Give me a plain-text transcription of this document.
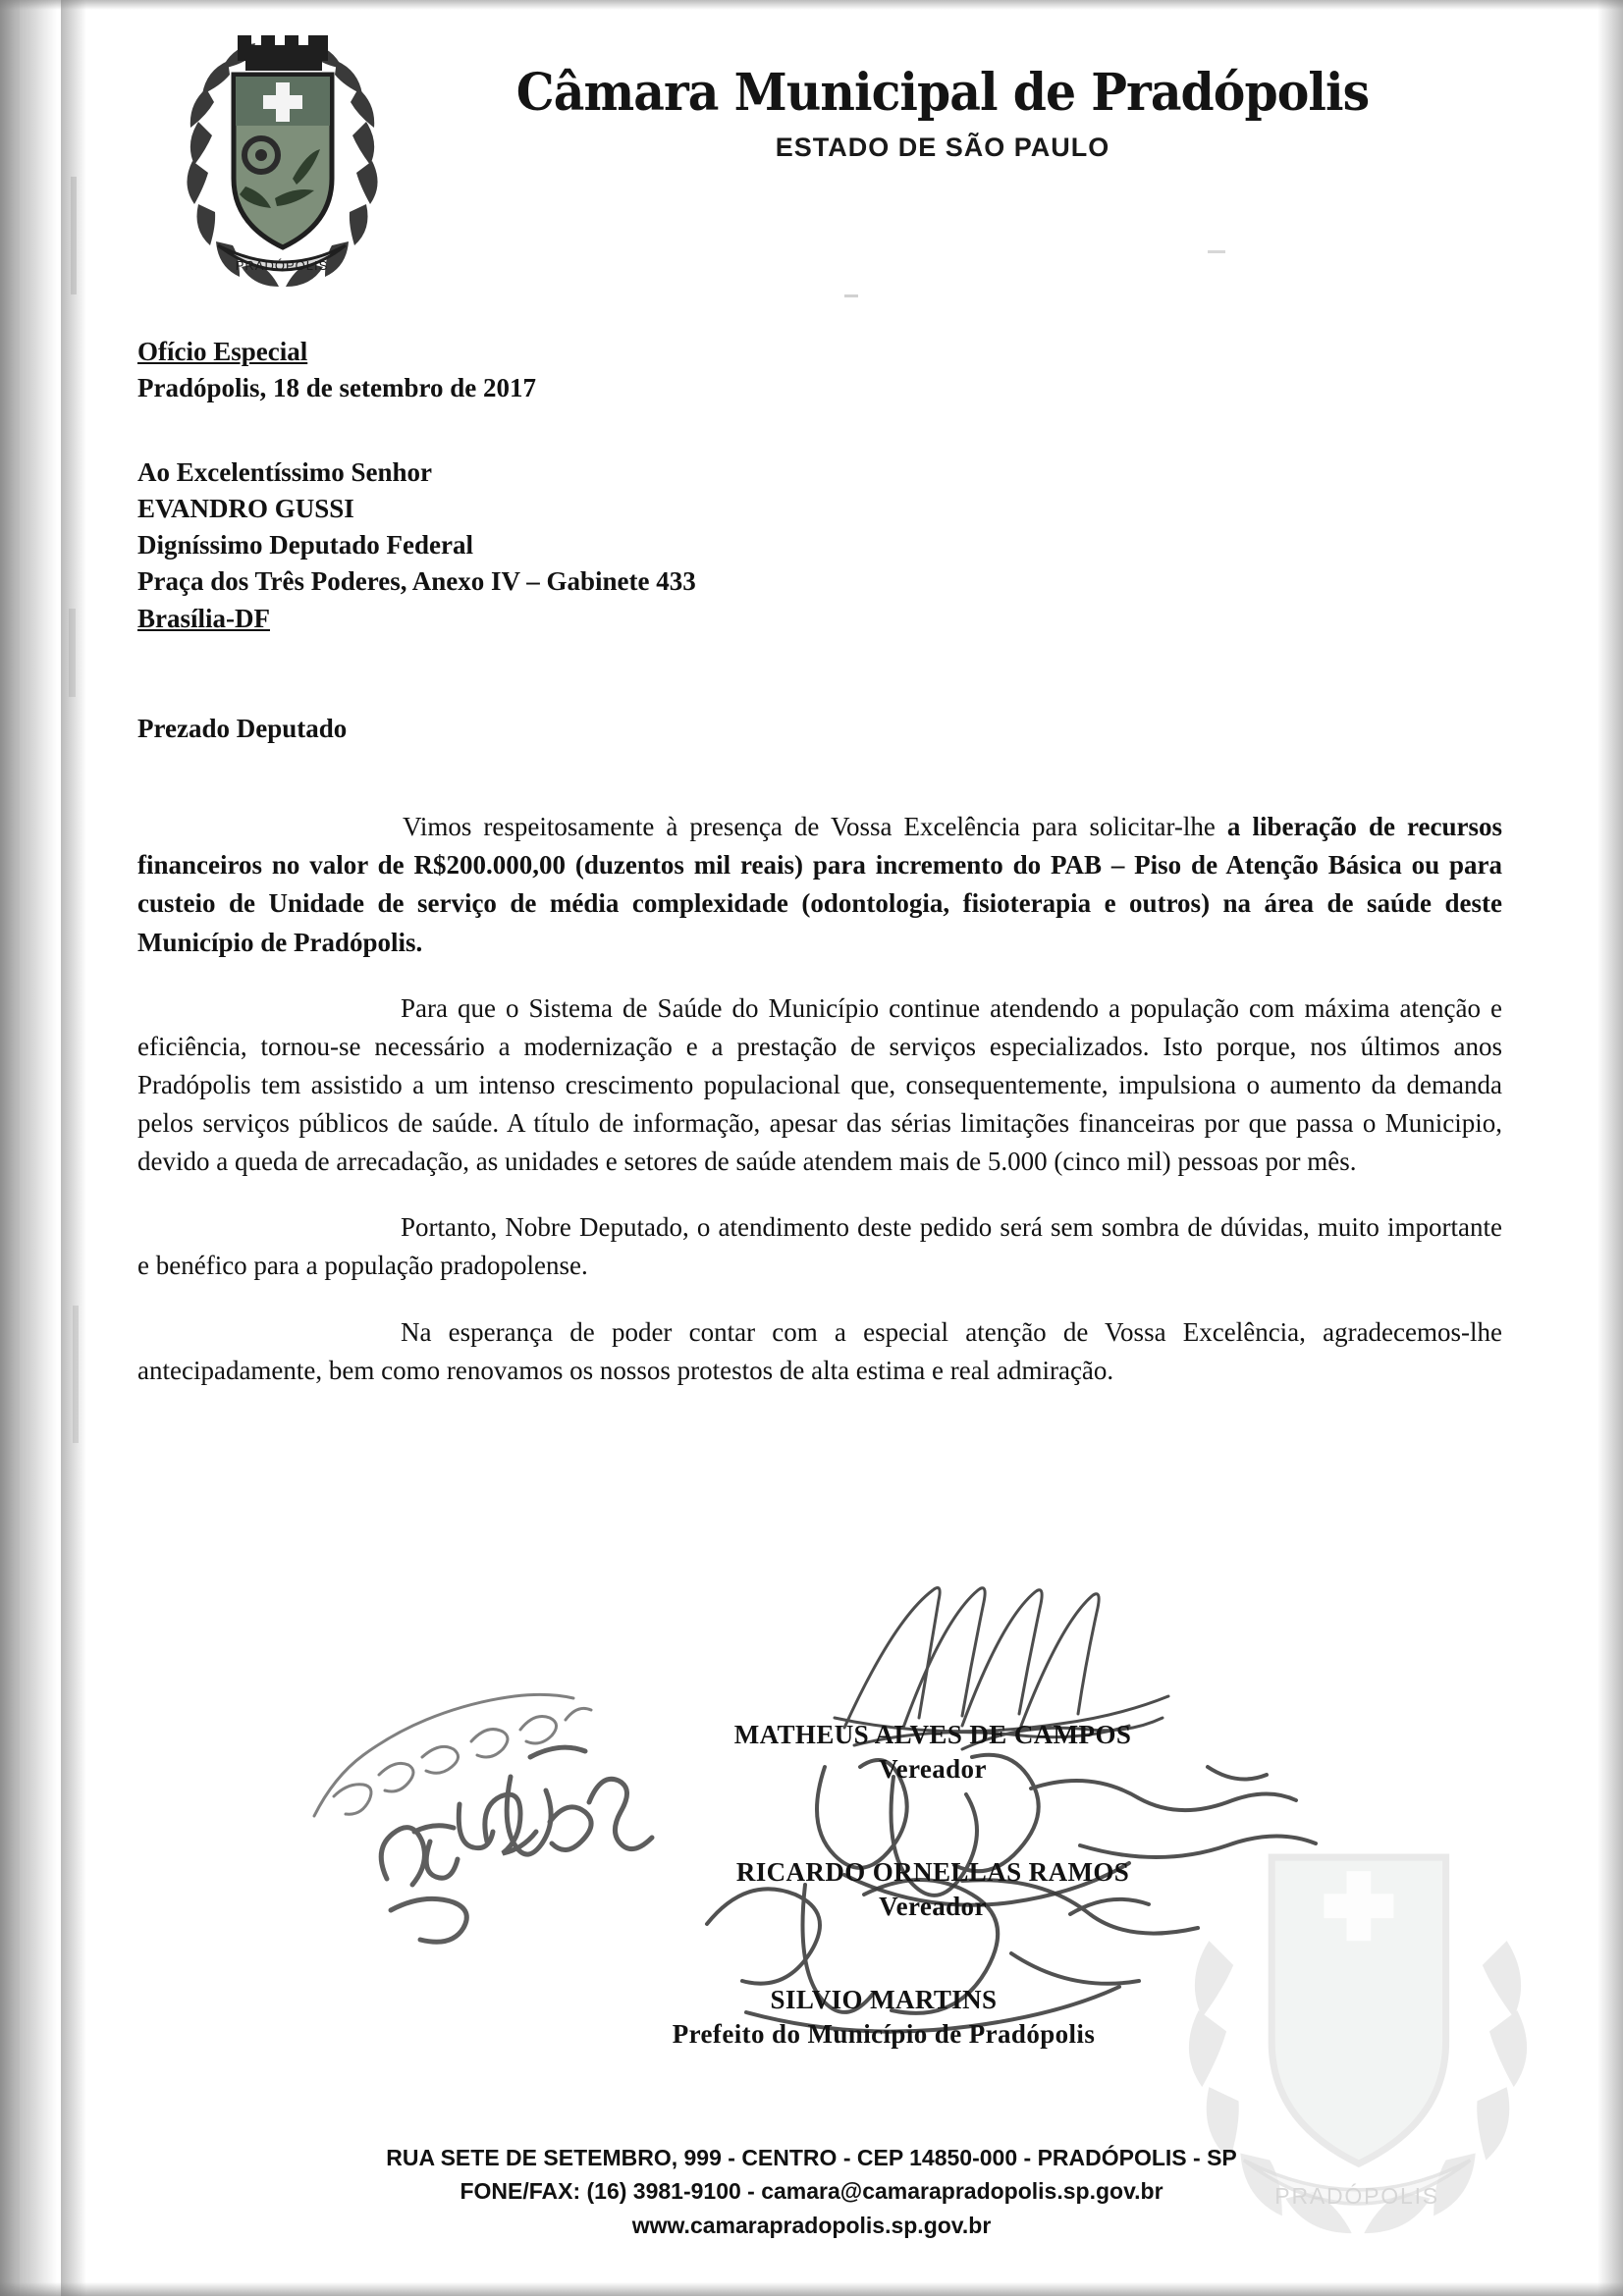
PRADÓPOLIS
Câmara Municipal de Pradópolis
ESTADO DE SÃO PAULO
Ofício Especial
Pradópolis, 18 de setembro de 2017
Ao Excelentíssimo Senhor
EVANDRO GUSSI
Digníssimo Deputado Federal
Praça dos Três Poderes, Anexo IV – Gabinete 433
Brasília-DF
Prezado Deputado

Vimos respeitosamente à presença de Vossa Excelência para solicitar-lhe a liberação de recursos financeiros no valor de R$200.000,00 (duzentos mil reais) para incremento do PAB – Piso de Atenção Básica ou para custeio de Unidade de serviço de média complexidade (odontologia, fisioterapia e outros) na área de saúde deste Município de Pradópolis.

Para que o Sistema de Saúde do Município continue atendendo a população com máxima atenção e eficiência, tornou-se necessário a modernização e a prestação de serviços especializados. Isto porque, nos últimos anos Pradópolis tem assistido a um intenso crescimento populacional que, consequentemente, impulsiona o aumento da demanda pelos serviços públicos de saúde. A título de informação, apesar das sérias limitações financeiras por que passa o Municipio, devido a queda de arrecadação, as unidades e setores de saúde atendem mais de 5.000 (cinco mil) pessoas por mês.

Portanto, Nobre Deputado, o atendimento deste pedido será sem sombra de dúvidas, muito importante e benéfico para a população pradopolense.

Na esperança de poder contar com a especial atenção de Vossa Excelência, agradecemos-lhe antecipadamente, bem como renovamos os nossos protestos de alta estima e real admiração.

PRADÓPOLIS
MATHEUS ALVES DE CAMPOS
Vereador
RICARDO ORNELLAS RAMOS
Vereador
SILVIO MARTINS
Prefeito do Município de Pradópolis
RUA SETE DE SETEMBRO, 999 - CENTRO - CEP 14850-000 - PRADÓPOLIS - SP
FONE/FAX: (16) 3981-9100 - camara@camarapradopolis.sp.gov.br
www.camarapradopolis.sp.gov.br
